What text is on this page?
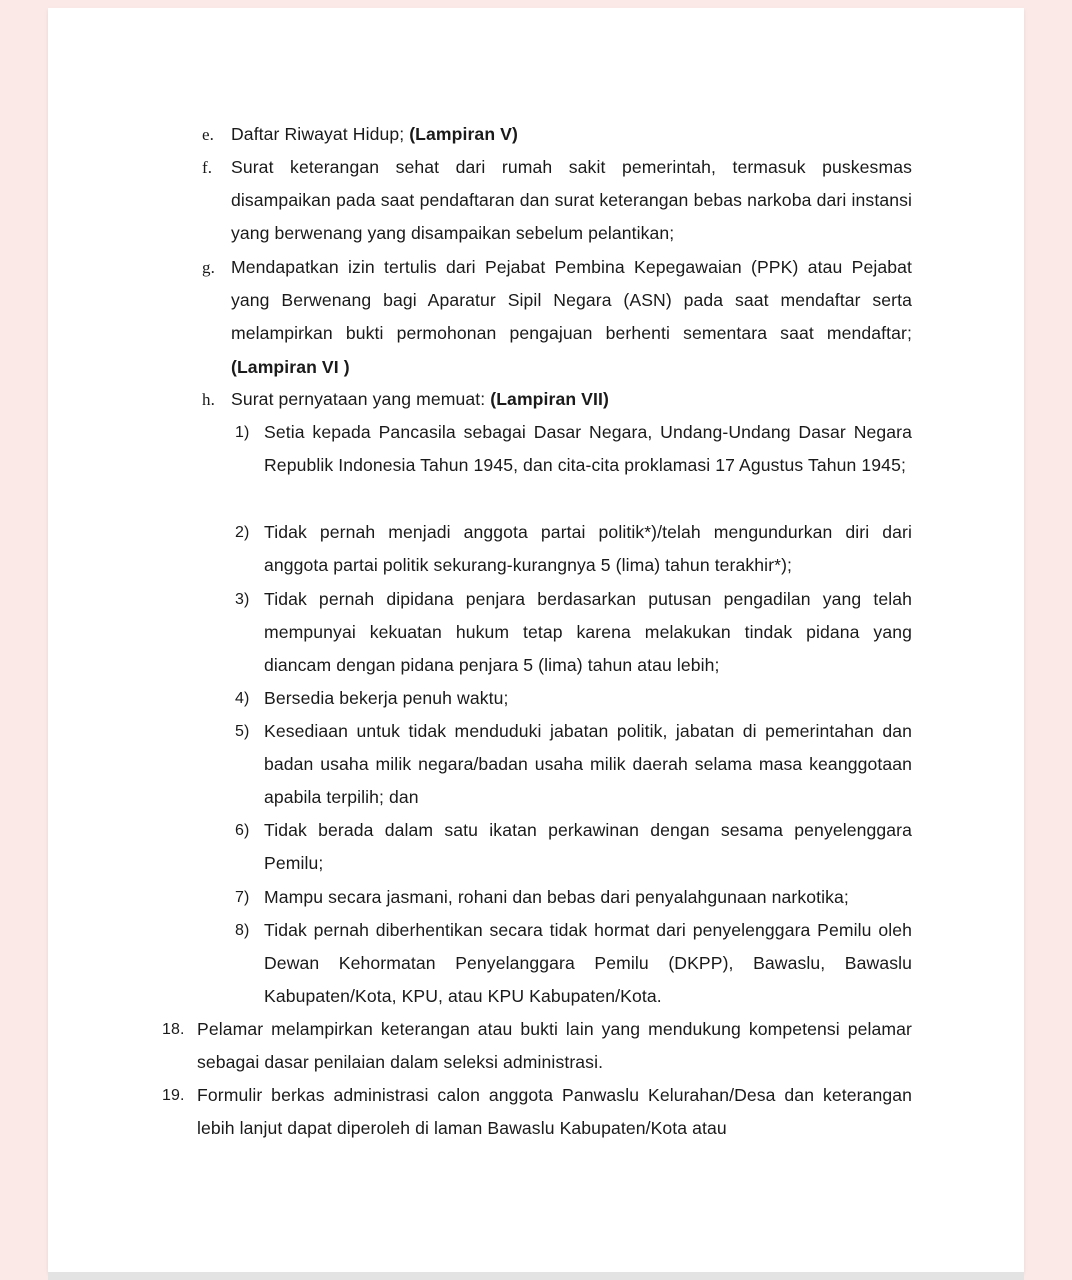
e. Daftar Riwayat Hidup; (Lampiran V)
f. Surat keterangan sehat dari rumah sakit pemerintah, termasuk puskesmas disampaikan pada saat pendaftaran dan surat keterangan bebas narkoba dari instansi yang berwenang yang disampaikan sebelum pelantikan;
g. Mendapatkan izin tertulis dari Pejabat Pembina Kepegawaian (PPK) atau Pejabat yang Berwenang bagi Aparatur Sipil Negara (ASN) pada saat mendaftar serta melampirkan bukti permohonan pengajuan berhenti sementara saat mendaftar; (Lampiran VI )
h. Surat pernyataan yang memuat: (Lampiran VII)
1) Setia kepada Pancasila sebagai Dasar Negara, Undang-Undang Dasar Negara Republik Indonesia Tahun 1945, dan cita-cita proklamasi 17 Agustus Tahun 1945;
2) Tidak pernah menjadi anggota partai politik*)/telah mengundurkan diri dari anggota partai politik sekurang-kurangnya 5 (lima) tahun terakhir*);
3) Tidak pernah dipidana penjara berdasarkan putusan pengadilan yang telah mempunyai kekuatan hukum tetap karena melakukan tindak pidana yang diancam dengan pidana penjara 5 (lima) tahun atau lebih;
4) Bersedia bekerja penuh waktu;
5) Kesediaan untuk tidak menduduki jabatan politik, jabatan di pemerintahan dan badan usaha milik negara/badan usaha milik daerah selama masa keanggotaan apabila terpilih; dan
6) Tidak berada dalam satu ikatan perkawinan dengan sesama penyelenggara Pemilu;
7) Mampu secara jasmani, rohani dan bebas dari penyalahgunaan narkotika;
8) Tidak pernah diberhentikan secara tidak hormat dari penyelenggara Pemilu oleh Dewan Kehormatan Penyelanggara Pemilu (DKPP), Bawaslu, Bawaslu Kabupaten/Kota, KPU, atau KPU Kabupaten/Kota.
18. Pelamar melampirkan keterangan atau bukti lain yang mendukung kompetensi pelamar sebagai dasar penilaian dalam seleksi administrasi.
19. Formulir berkas administrasi calon anggota Panwaslu Kelurahan/Desa dan keterangan lebih lanjut dapat diperoleh di laman Bawaslu Kabupaten/Kota atau
